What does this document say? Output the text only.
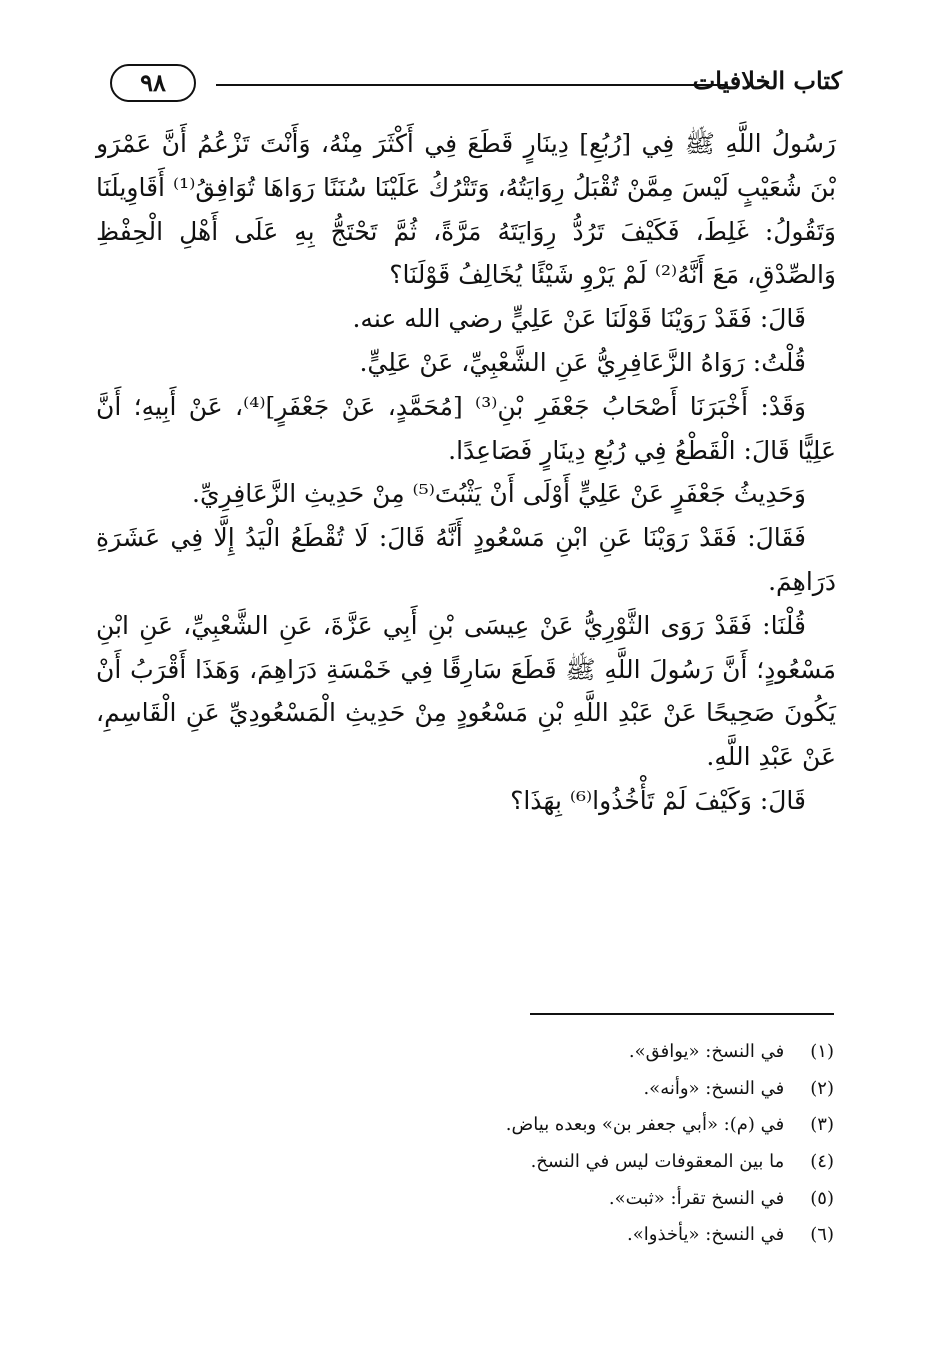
٩٨	كتاب الخلافيات

رَسُولُ اللَّهِ ﷺ فِي [رُبُعِ] دِينَارٍ قَطَعَ فِي أَكْثَرَ مِنْهُ، وَأَنْتَ تَزْعُمُ أَنَّ عَمْرَو بْنَ شُعَيْبٍ لَيْسَ مِمَّنْ تُقْبَلُ رِوَايَتُهُ، وَتَتْرُكُ عَلَيْنَا سُنَنًا رَوَاهَا تُوَافِقُ⁽¹⁾ أَقَاوِيلَنَا وَتَقُولُ: غَلِطَ، فَكَيْفَ تَرُدُّ رِوَايَتَهُ مَرَّةً، ثُمَّ تَحْتَجُّ بِهِ عَلَى أَهْلِ الْحِفْظِ وَالصِّدْقِ، مَعَ أَنَّهُ⁽²⁾ لَمْ يَرْوِ شَيْئًا يُخَالِفُ قَوْلَنَا؟

قَالَ: فَقَدْ رَوَيْنَا قَوْلَنَا عَنْ عَلِيٍّ رضي الله عنه.

قُلْتُ: رَوَاهُ الزَّعَافِرِيُّ عَنِ الشَّعْبِيِّ، عَنْ عَلِيٍّ.

وَقَدْ: أَخْبَرَنَا أَصْحَابُ جَعْفَرِ بْنِ⁽³⁾ [مُحَمَّدٍ، عَنْ جَعْفَرٍ]⁽⁴⁾، عَنْ أَبِيهِ؛ أَنَّ عَلِيًّا قَالَ: الْقَطْعُ فِي رُبُعِ دِينَارٍ فَصَاعِدًا.

وَحَدِيثُ جَعْفَرٍ عَنْ عَلِيٍّ أَوْلَى أَنْ يَثْبُتَ⁽⁵⁾ مِنْ حَدِيثِ الزَّعَافِرِيِّ.

فَقَالَ: فَقَدْ رَوَيْنَا عَنِ ابْنِ مَسْعُودٍ أَنَّهُ قَالَ: لَا تُقْطَعُ الْيَدُ إِلَّا فِي عَشَرَةِ دَرَاهِمَ.

قُلْنَا: فَقَدْ رَوَى الثَّوْرِيُّ عَنْ عِيسَى بْنِ أَبِي عَزَّةَ، عَنِ الشَّعْبِيِّ، عَنِ ابْنِ مَسْعُودٍ؛ أَنَّ رَسُولَ اللَّهِ ﷺ قَطَعَ سَارِقًا فِي خَمْسَةِ دَرَاهِمَ، وَهَذَا أَقْرَبُ أَنْ يَكُونَ صَحِيحًا عَنْ عَبْدِ اللَّهِ بْنِ مَسْعُودٍ مِنْ حَدِيثِ الْمَسْعُودِيِّ عَنِ الْقَاسِمِ، عَنْ عَبْدِ اللَّهِ.

قَالَ: وَكَيْفَ لَمْ تَأْخُذُوا⁽⁶⁾ بِهَذَا؟

(١) في النسخ: «يوافق».
(٢) في النسخ: «وأنه».
(٣) في (م): «أبي جعفر بن» وبعده بياض.
(٤) ما بين المعقوفات ليس في النسخ.
(٥) في النسخ تقرأ: «ثبت».
(٦) في النسخ: «يأخذوا».
